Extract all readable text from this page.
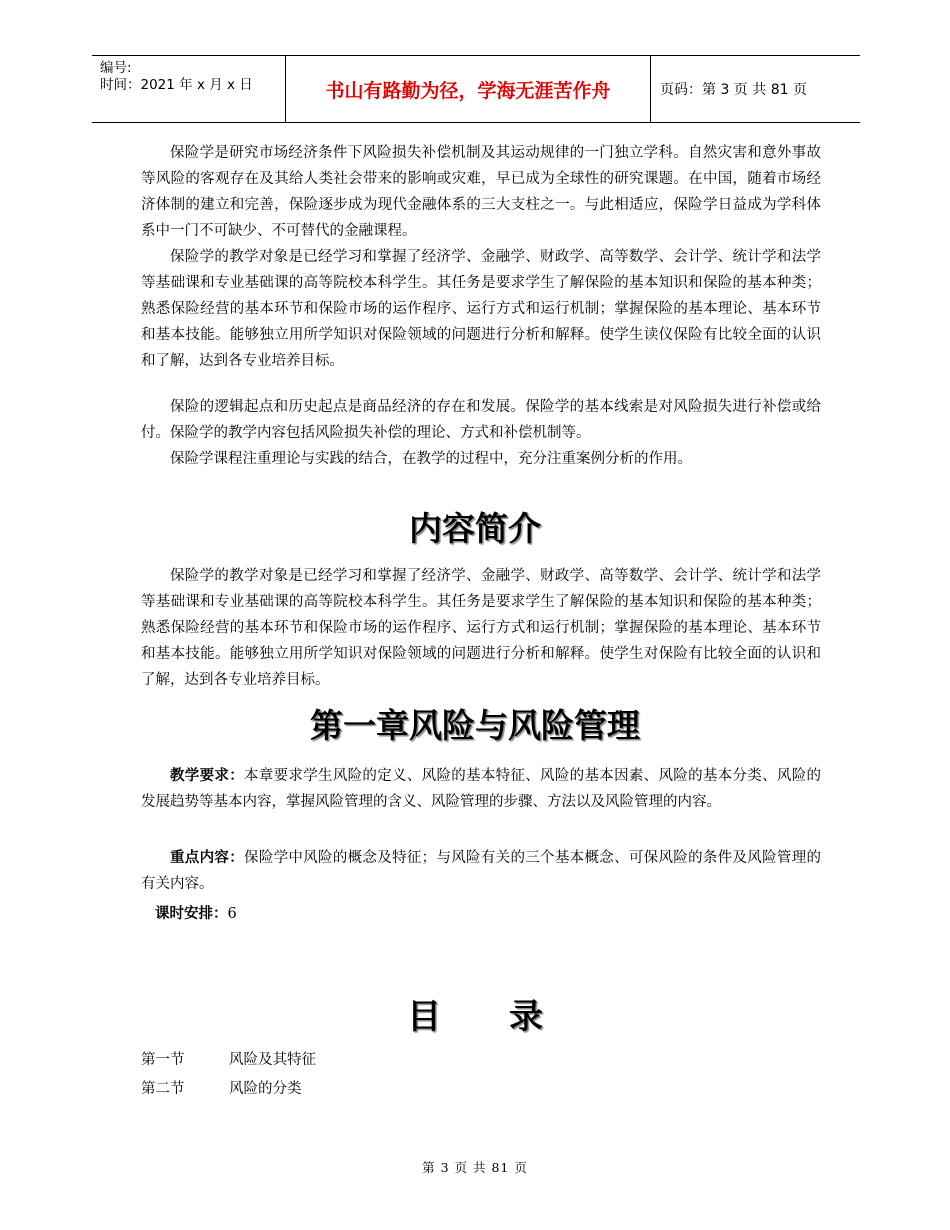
编号:
时间：2021 年 x 月 x 日	书山有路勤为径，学海无涯苦作舟	页码：第 3 页 共 81 页

保险学是研究市场经济条件下风险损失补偿机制及其运动规律的一门独立学科。自然灾害和意外事故等风险的客观存在及其给人类社会带来的影响或灾难，早已成为全球性的研究课题。在中国，随着市场经济体制的建立和完善，保险逐步成为现代金融体系的三大支柱之一。与此相适应，保险学日益成为学科体系中一门不可缺少、不可替代的金融课程。

保险学的教学对象是已经学习和掌握了经济学、金融学、财政学、高等数学、会计学、统计学和法学等基础课和专业基础课的高等院校本科学生。其任务是要求学生了解保险的基本知识和保险的基本种类；熟悉保险经营的基本环节和保险市场的运作程序、运行方式和运行机制；掌握保险的基本理论、基本环节和基本技能。能够独立用所学知识对保险领域的问题进行分析和解释。使学生读仪保险有比较全面的认识和了解，达到各专业培养目标。

保险的逻辑起点和历史起点是商品经济的存在和发展。保险学的基本线索是对风险损失进行补偿或给付。保险学的教学内容包括风险损失补偿的理论、方式和补偿机制等。

保险学课程注重理论与实践的结合，在教学的过程中，充分注重案例分析的作用。

内容简介

保险学的教学对象是已经学习和掌握了经济学、金融学、财政学、高等数学、会计学、统计学和法学等基础课和专业基础课的高等院校本科学生。其任务是要求学生了解保险的基本知识和保险的基本种类；熟悉保险经营的基本环节和保险市场的运作程序、运行方式和运行机制；掌握保险的基本理论、基本环节和基本技能。能够独立用所学知识对保险领域的问题进行分析和解释。使学生对保险有比较全面的认识和了解，达到各专业培养目标。

第一章风险与风险管理

教学要求：本章要求学生风险的定义、风险的基本特征、风险的基本因素、风险的基本分类、风险的发展趋势等基本内容，掌握风险管理的含义、风险管理的步骤、方法以及风险管理的内容。

重点内容：保险学中风险的概念及特征；与风险有关的三个基本概念、可保风险的条件及风险管理的有关内容。

课时安排：6

目　　录
第一节	风险及其特征
第二节	风险的分类
第 3 页 共 81 页
